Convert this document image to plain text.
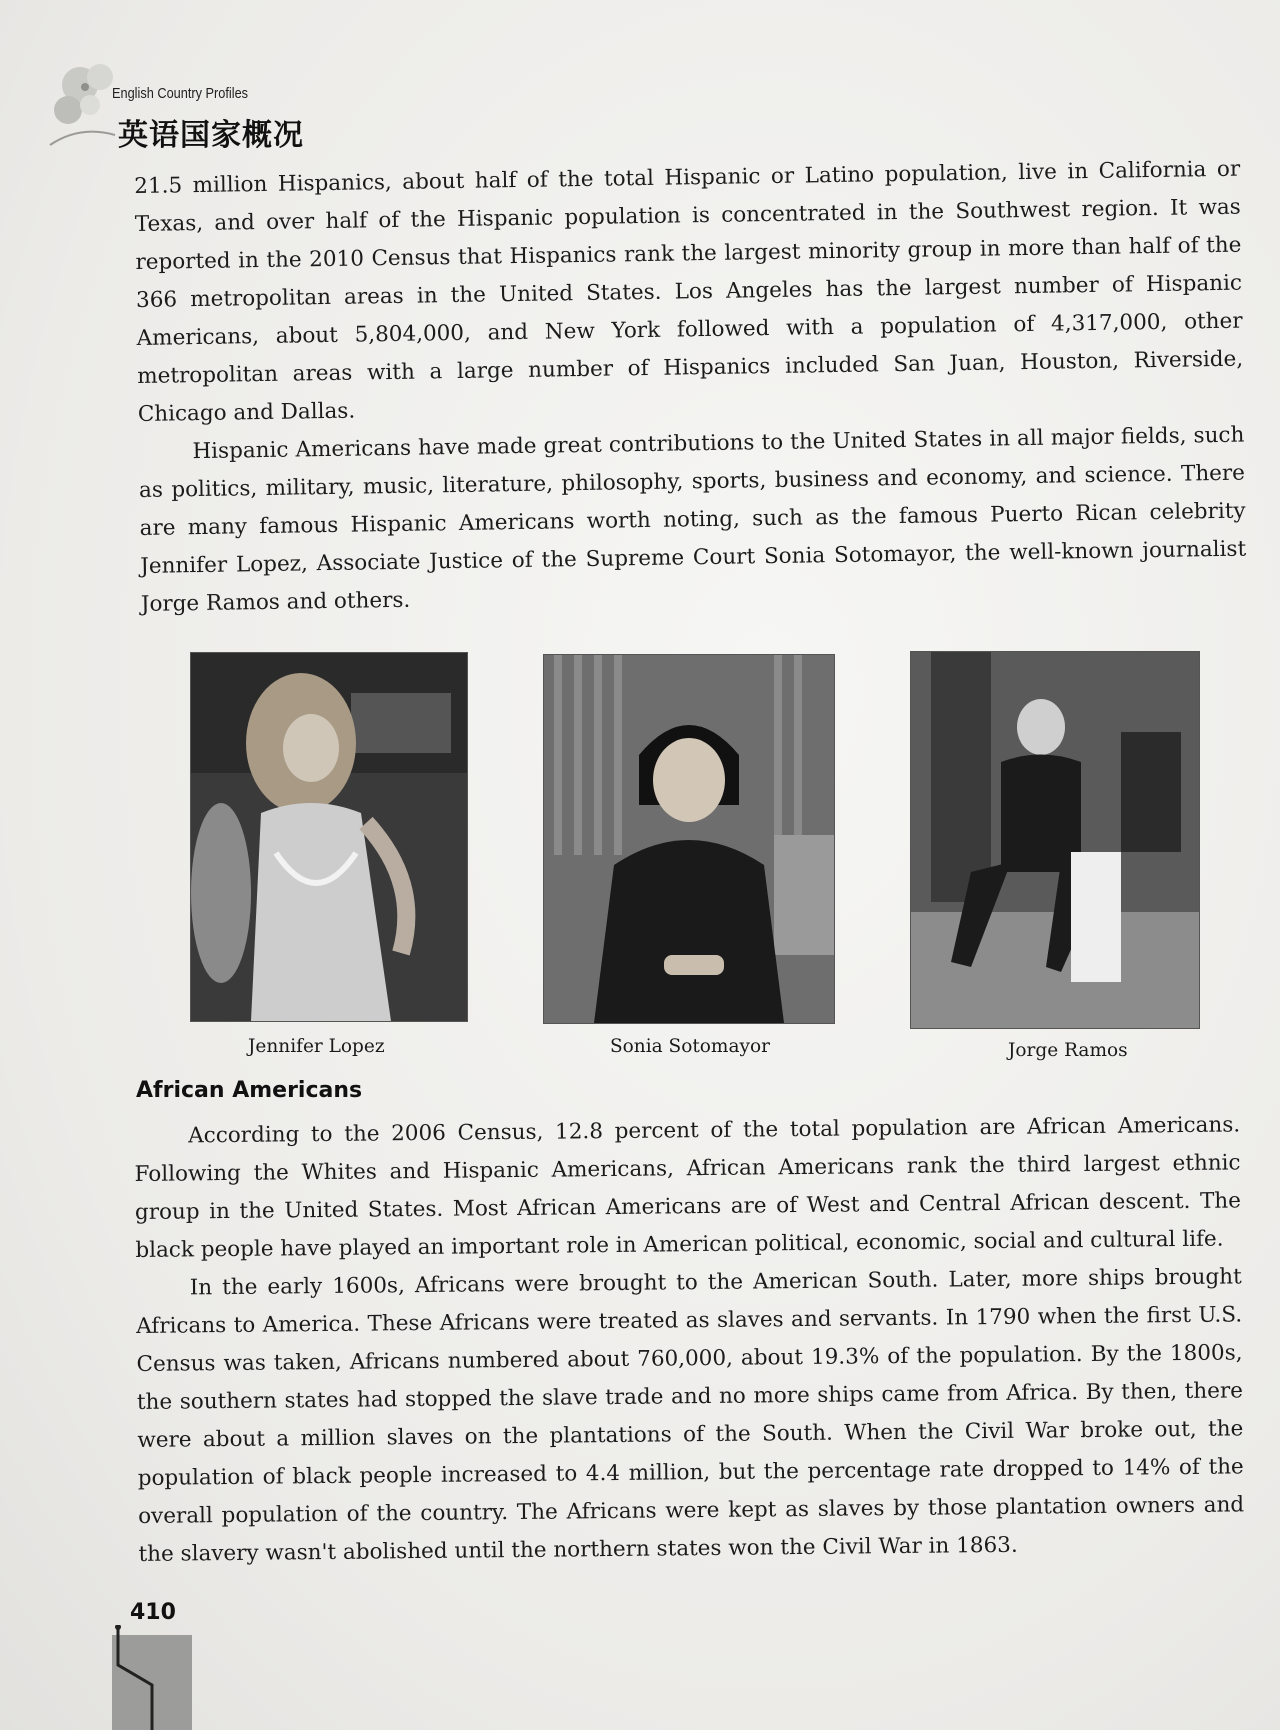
English Country Profiles
英语国家概况

21.5 million Hispanics, about half of the total Hispanic or Latino population, live in California or Texas, and over half of the Hispanic population is concentrated in the Southwest region. It was reported in the 2010 Census that Hispanics rank the largest minority group in more than half of the 366 metropolitan areas in the United States. Los Angeles has the largest number of Hispanic Americans, about 5,804,000, and New York followed with a population of 4,317,000, other metropolitan areas with a large number of Hispanics included San Juan, Houston, Riverside, Chicago and Dallas.

Hispanic Americans have made great contributions to the United States in all major fields, such as politics, military, music, literature, philosophy, sports, business and economy, and science. There are many famous Hispanic Americans worth noting, such as the famous Puerto Rican celebrity Jennifer Lopez, Associate Justice of the Supreme Court Sonia Sotomayor, the well-known journalist Jorge Ramos and others.

Jennifer Lopez	Sonia Sotomayor	Jorge Ramos
African Americans

According to the 2006 Census, 12.8 percent of the total population are African Americans. Following the Whites and Hispanic Americans, African Americans rank the third largest ethnic group in the United States. Most African Americans are of West and Central African descent. The black people have played an important role in American political, economic, social and cultural life.

In the early 1600s, Africans were brought to the American South. Later, more ships brought Africans to America. These Africans were treated as slaves and servants. In 1790 when the first U.S. Census was taken, Africans numbered about 760,000, about 19.3% of the population. By the 1800s, the southern states had stopped the slave trade and no more ships came from Africa. By then, there were about a million slaves on the plantations of the South. When the Civil War broke out, the population of black people increased to 4.4 million, but the percentage rate dropped to 14% of the overall population of the country. The Africans were kept as slaves by those plantation owners and the slavery wasn't abolished until the northern states won the Civil War in 1863.

410
